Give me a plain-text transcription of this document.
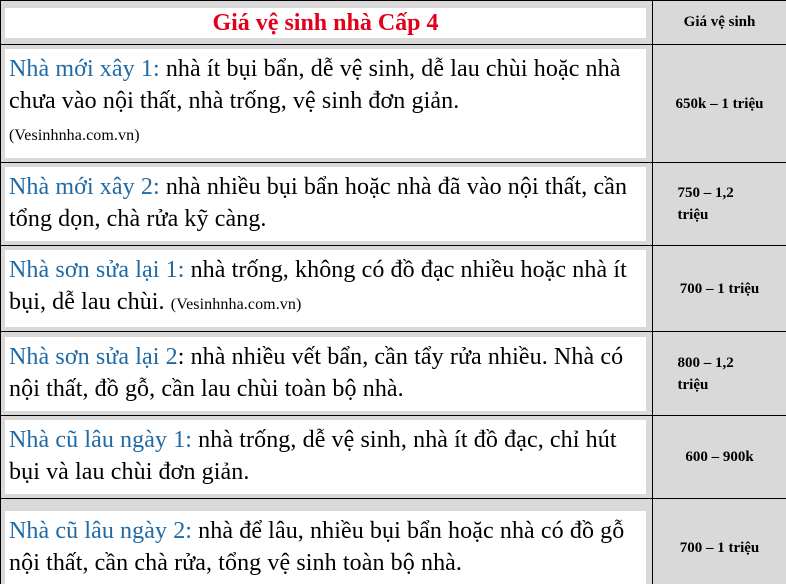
Giá vệ sinh nhà Cấp 4	Giá vệ sinh

Nhà mới xây 1: nhà ít bụi bẩn, dễ vệ sinh, dễ lau chùi hoặc nhà chưa vào nội thất, nhà trống, vệ sinh đơn giản.
(Vesinhnha.com.vn)	650k – 1 triệu

Nhà mới xây 2: nhà nhiều bụi bẩn hoặc nhà đã vào nội thất, cần tổng dọn, chà rửa kỹ càng.	750 – 1,2 triệu

Nhà sơn sửa lại 1: nhà trống, không có đồ đạc nhiều hoặc nhà ít bụi, dễ lau chùi. (Vesinhnha.com.vn)	700 – 1 triệu

Nhà sơn sửa lại 2: nhà nhiều vết bẩn, cần tẩy rửa nhiều. Nhà có nội thất, đồ gỗ, cần lau chùi toàn bộ nhà.	800 – 1,2 triệu

Nhà cũ lâu ngày 1: nhà trống, dễ vệ sinh, nhà ít đồ đạc, chỉ hút bụi và lau chùi đơn giản.	600 – 900k

Nhà cũ lâu ngày 2: nhà để lâu, nhiều bụi bẩn hoặc nhà có đồ gỗ nội thất, cần chà rửa, tổng vệ sinh toàn bộ nhà.	700 – 1 triệu
